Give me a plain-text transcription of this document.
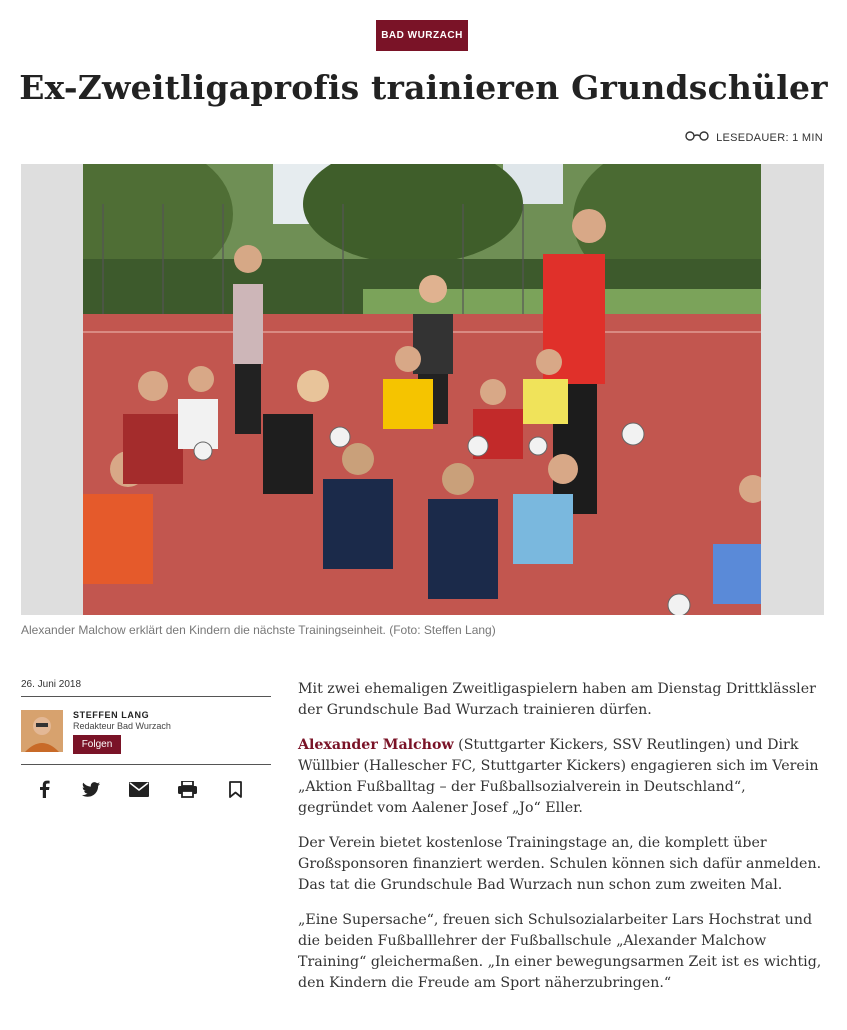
BAD WURZACH
Ex-Zweitligaprofis trainieren Grundschüler
LESEDAUER: 1 MIN
Alexander Malchow erklärt den Kindern die nächste Trainingseinheit. (Foto: Steffen Lang)
26. Juni 2018
STEFFEN LANG
Redakteur Bad Wurzach
Folgen

Mit zwei ehemaligen Zweitligaspielern haben am Dienstag Drittklässler der Grundschule Bad Wurzach trainieren dürfen.

Alexander Malchow (Stuttgarter Kickers, SSV Reutlingen) und Dirk Wüllbier (Hallescher FC, Stuttgarter Kickers) engagieren sich im Verein „Aktion Fußballtag – der Fußballsozialverein in Deutschland“, gegründet vom Aalener Josef „Jo“ Eller.

Der Verein bietet kostenlose Trainingstage an, die komplett über Großsponsoren finanziert werden. Schulen können sich dafür anmelden. Das tat die Grundschule Bad Wurzach nun schon zum zweiten Mal.

„Eine Supersache“, freuen sich Schulsozialarbeiter Lars Hochstrat und die beiden Fußballlehrer der Fußballschule „Alexander Malchow Training“ gleichermaßen. „In einer bewegungsarmen Zeit ist es wichtig, den Kindern die Freude am Sport näherzubringen.“
